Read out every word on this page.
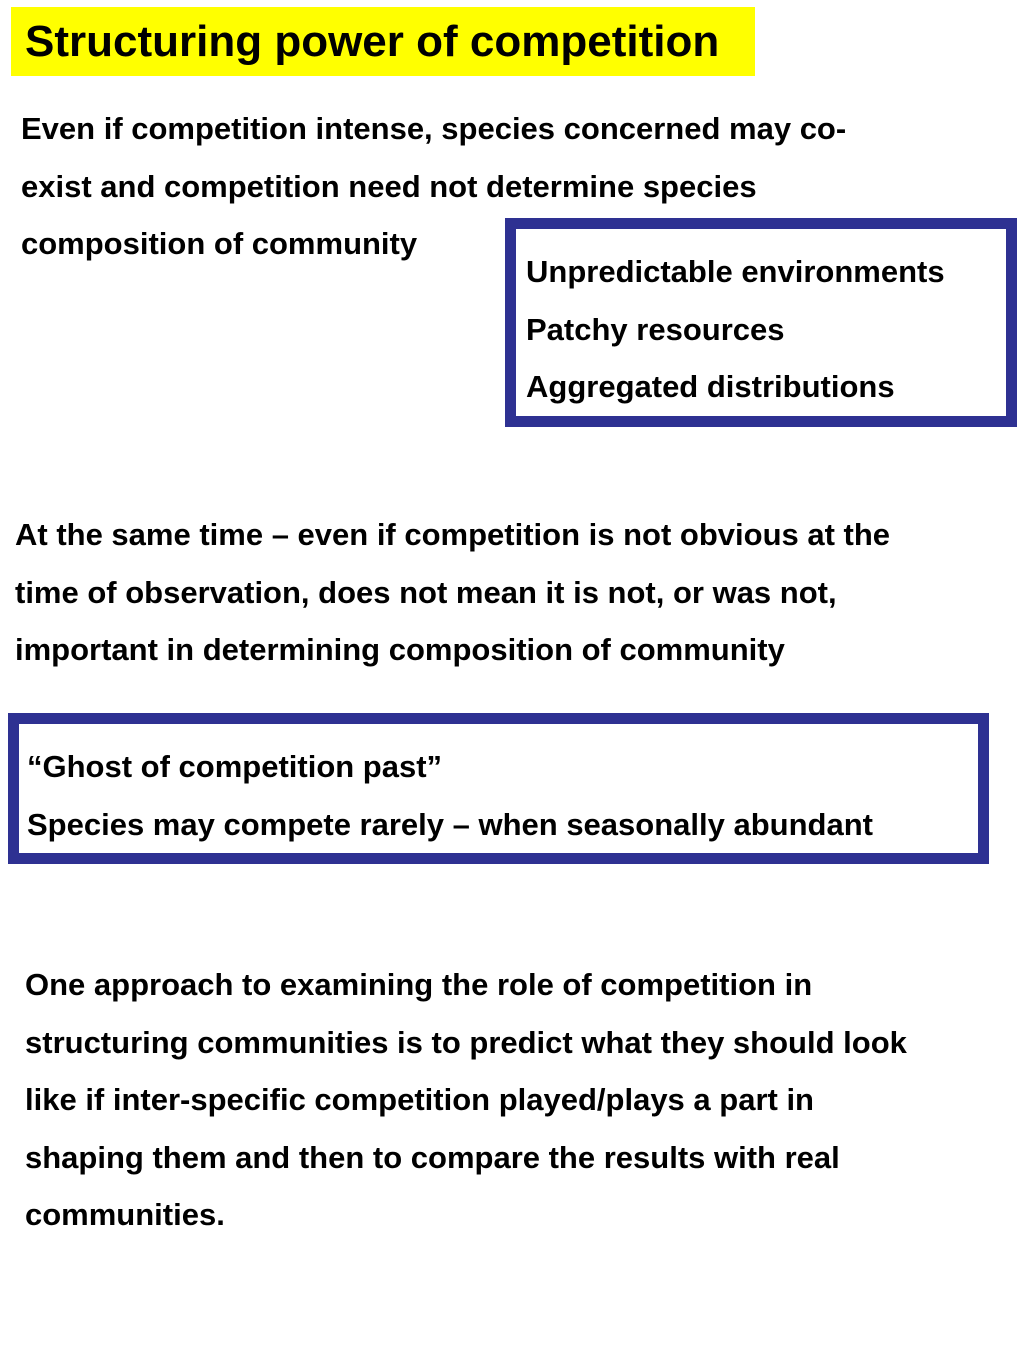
Structuring power of competition
Even if competition intense, species concerned may co-
exist and competition need not determine species
composition of community
Unpredictable environments
Patchy resources
Aggregated distributions
At the same time – even if competition is not obvious at the
time of observation, does not mean it is not, or was not,
important in determining composition of community
“Ghost of competition past”
Species may compete rarely – when seasonally abundant
One approach to examining the role of competition in
structuring communities is to predict what they should look
like if inter-specific competition played/plays a part in
shaping them and then to compare the results with real
communities.
